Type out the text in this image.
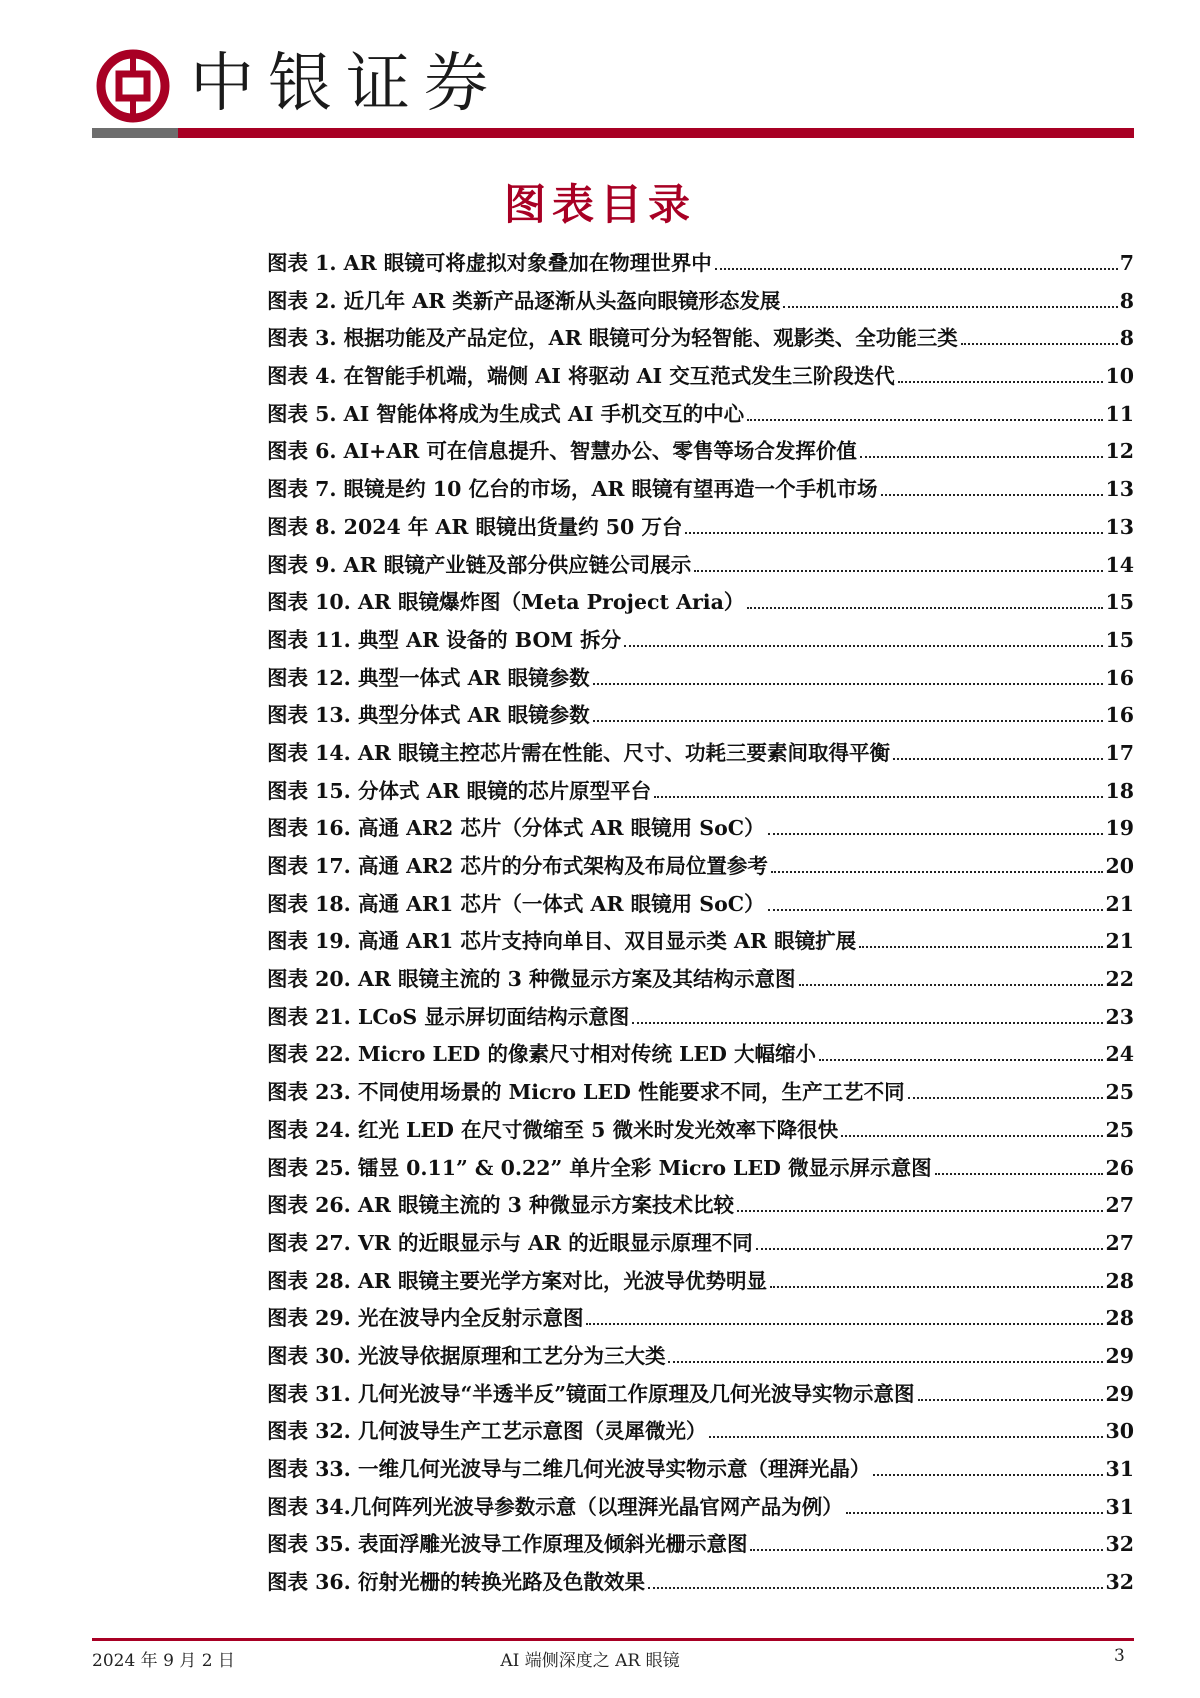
中银证券
图表目录
图表 1. AR 眼镜可将虚拟对象叠加在物理世界中	7
图表 2. 近几年 AR 类新产品逐渐从头盔向眼镜形态发展	8
图表 3. 根据功能及产品定位，AR 眼镜可分为轻智能、观影类、全功能三类	8
图表 4. 在智能手机端，端侧 AI 将驱动 AI 交互范式发生三阶段迭代	10
图表 5. AI 智能体将成为生成式 AI 手机交互的中心	11
图表 6. AI+AR 可在信息提升、智慧办公、零售等场合发挥价值	12
图表 7. 眼镜是约 10 亿台的市场，AR 眼镜有望再造一个手机市场	13
图表 8. 2024 年 AR 眼镜出货量约 50 万台	13
图表 9. AR 眼镜产业链及部分供应链公司展示	14
图表 10. AR 眼镜爆炸图（Meta Project Aria）	15
图表 11. 典型 AR 设备的 BOM 拆分	15
图表 12. 典型一体式 AR 眼镜参数	16
图表 13. 典型分体式 AR 眼镜参数	16
图表 14. AR 眼镜主控芯片需在性能、尺寸、功耗三要素间取得平衡	17
图表 15. 分体式 AR 眼镜的芯片原型平台	18
图表 16. 高通 AR2 芯片（分体式 AR 眼镜用 SoC）	19
图表 17. 高通 AR2 芯片的分布式架构及布局位置参考	20
图表 18. 高通 AR1 芯片（一体式 AR 眼镜用 SoC）	21
图表 19. 高通 AR1 芯片支持向单目、双目显示类 AR 眼镜扩展	21
图表 20. AR 眼镜主流的 3 种微显示方案及其结构示意图	22
图表 21. LCoS 显示屏切面结构示意图	23
图表 22. Micro LED 的像素尺寸相对传统 LED 大幅缩小	24
图表 23. 不同使用场景的 Micro LED 性能要求不同，生产工艺不同	25
图表 24. 红光 LED 在尺寸微缩至 5 微米时发光效率下降很快	25
图表 25. 镭昱 0.11” & 0.22” 单片全彩 Micro LED 微显示屏示意图	26
图表 26. AR 眼镜主流的 3 种微显示方案技术比较	27
图表 27. VR 的近眼显示与 AR 的近眼显示原理不同	27
图表 28. AR 眼镜主要光学方案对比，光波导优势明显	28
图表 29. 光在波导内全反射示意图	28
图表 30. 光波导依据原理和工艺分为三大类	29
图表 31. 几何光波导“半透半反”镜面工作原理及几何光波导实物示意图	29
图表 32. 几何波导生产工艺示意图（灵犀微光）	30
图表 33. 一维几何光波导与二维几何光波导实物示意（理湃光晶）	31
图表 34.几何阵列光波导参数示意（以理湃光晶官网产品为例）	31
图表 35. 表面浮雕光波导工作原理及倾斜光栅示意图	32
图表 36. 衍射光栅的转换光路及色散效果	32
2024 年 9 月 2 日	AI 端侧深度之 AR 眼镜	3
